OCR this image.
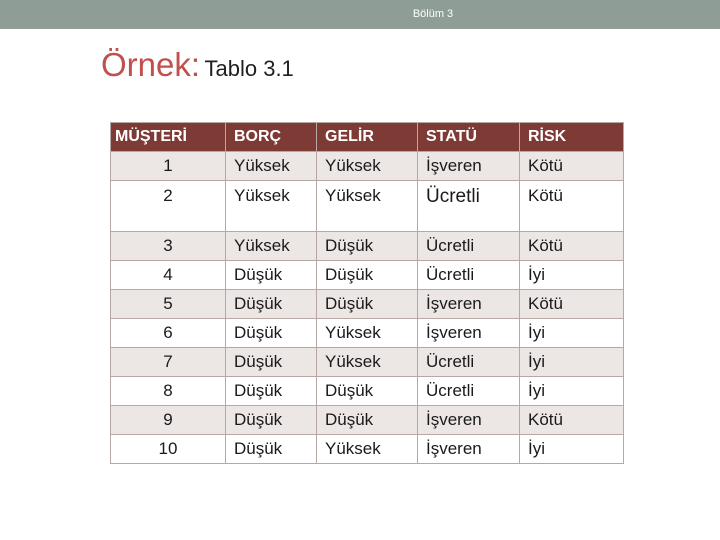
Bölüm 3
Örnek: Tablo 3.1
MÜŞTERİ	BORÇ	GELİR	STATÜ	RİSK
1	Yüksek	Yüksek	İşveren	Kötü
2	Yüksek	Yüksek	Ücretli	Kötü
3	Yüksek	Düşük	Ücretli	Kötü
4	Düşük	Düşük	Ücretli	İyi
5	Düşük	Düşük	İşveren	Kötü
6	Düşük	Yüksek	İşveren	İyi
7	Düşük	Yüksek	Ücretli	İyi
8	Düşük	Düşük	Ücretli	İyi
9	Düşük	Düşük	İşveren	Kötü
10	Düşük	Yüksek	İşveren	İyi
